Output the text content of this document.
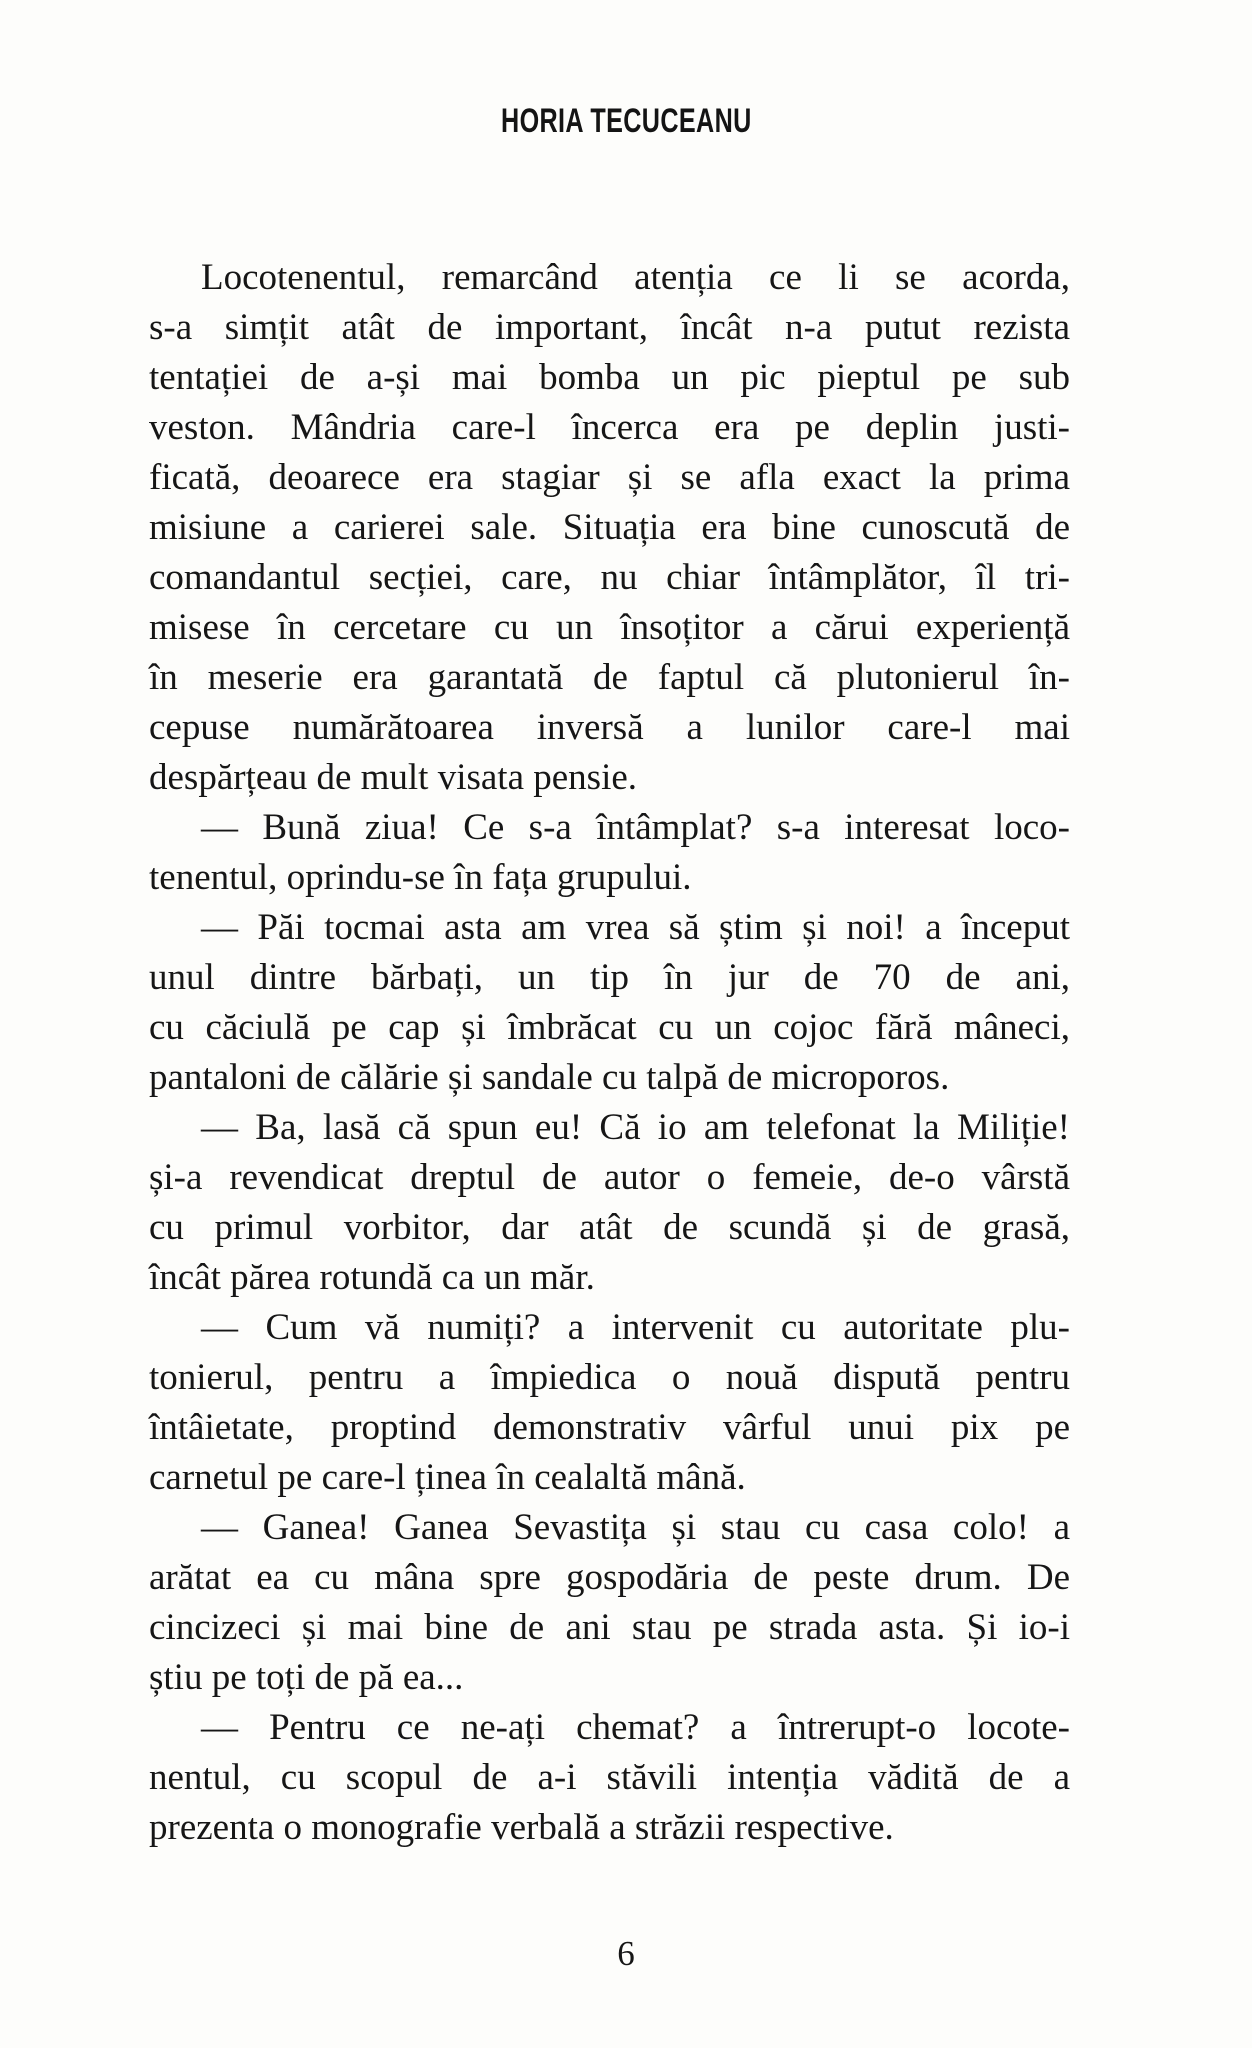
HORIA TECUCEANU
Locotenentul, remarcând atenția ce li se acorda,
s-a simțit atât de important, încât n-a putut rezista
tentației de a-și mai bomba un pic pieptul pe sub
veston. Mândria care-l încerca era pe deplin justi-
ficată, deoarece era stagiar și se afla exact la prima
misiune a carierei sale. Situația era bine cunoscută de
comandantul secției, care, nu chiar întâmplător, îl tri-
misese în cercetare cu un însoțitor a cărui experiență
în meserie era garantată de faptul că plutonierul în-
cepuse numărătoarea inversă a lunilor care-l mai
despărțeau de mult visata pensie.
— Bună ziua! Ce s-a întâmplat? s-a interesat loco-
tenentul, oprindu-se în fața grupului.
— Păi tocmai asta am vrea să știm și noi! a început
unul dintre bărbați, un tip în jur de 70 de ani,
cu căciulă pe cap și îmbrăcat cu un cojoc fără mâneci,
pantaloni de călărie și sandale cu talpă de microporos.
— Ba, lasă că spun eu! Că io am telefonat la Miliție!
și-a revendicat dreptul de autor o femeie, de-o vârstă
cu primul vorbitor, dar atât de scundă și de grasă,
încât părea rotundă ca un măr.
— Cum vă numiți? a intervenit cu autoritate plu-
tonierul, pentru a împiedica o nouă dispută pentru
întâietate, proptind demonstrativ vârful unui pix pe
carnetul pe care-l ținea în cealaltă mână.
— Ganea! Ganea Sevastița și stau cu casa colo! a
arătat ea cu mâna spre gospodăria de peste drum. De
cincizeci și mai bine de ani stau pe strada asta. Și io-i
știu pe toți de pă ea...
— Pentru ce ne-ați chemat? a întrerupt-o locote-
nentul, cu scopul de a-i stăvili intenția vădită de a
prezenta o monografie verbală a străzii respective.
6
